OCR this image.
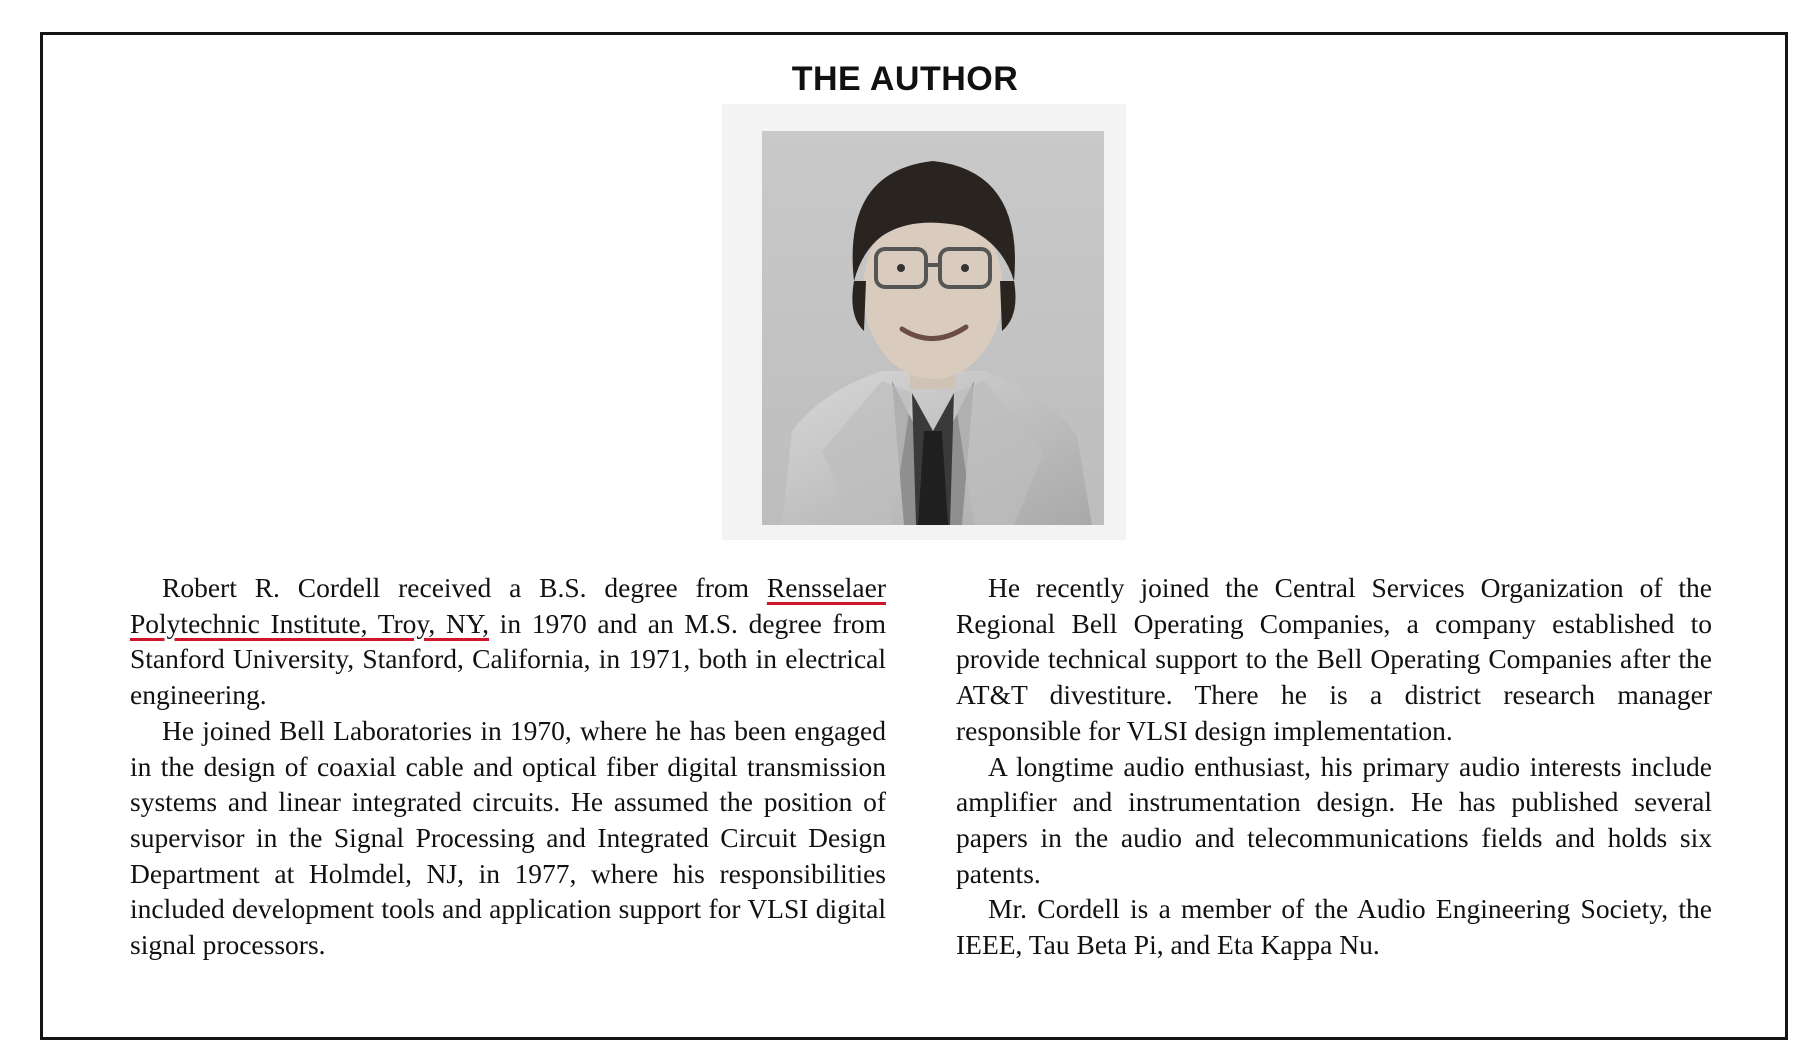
THE AUTHOR

Robert R. Cordell received a B.S. degree from Rensselaer Polytechnic Institute, Troy, NY, in 1970 and an M.S. degree from Stanford University, Stanford, California, in 1971, both in electrical engineering.

He joined Bell Laboratories in 1970, where he has been engaged in the design of coaxial cable and optical fiber digital transmission systems and linear integrated circuits. He assumed the position of supervisor in the Signal Processing and Integrated Circuit Design Department at Holmdel, NJ, in 1977, where his responsibilities included development tools and application support for VLSI digital signal processors.

He recently joined the Central Services Organization of the Regional Bell Operating Companies, a company established to provide technical support to the Bell Operating Companies after the AT&T divestiture. There he is a district research manager responsible for VLSI design implementation.

A longtime audio enthusiast, his primary audio interests include amplifier and instrumentation design. He has published several papers in the audio and telecommunications fields and holds six patents.

Mr. Cordell is a member of the Audio Engineering Society, the IEEE, Tau Beta Pi, and Eta Kappa Nu.
